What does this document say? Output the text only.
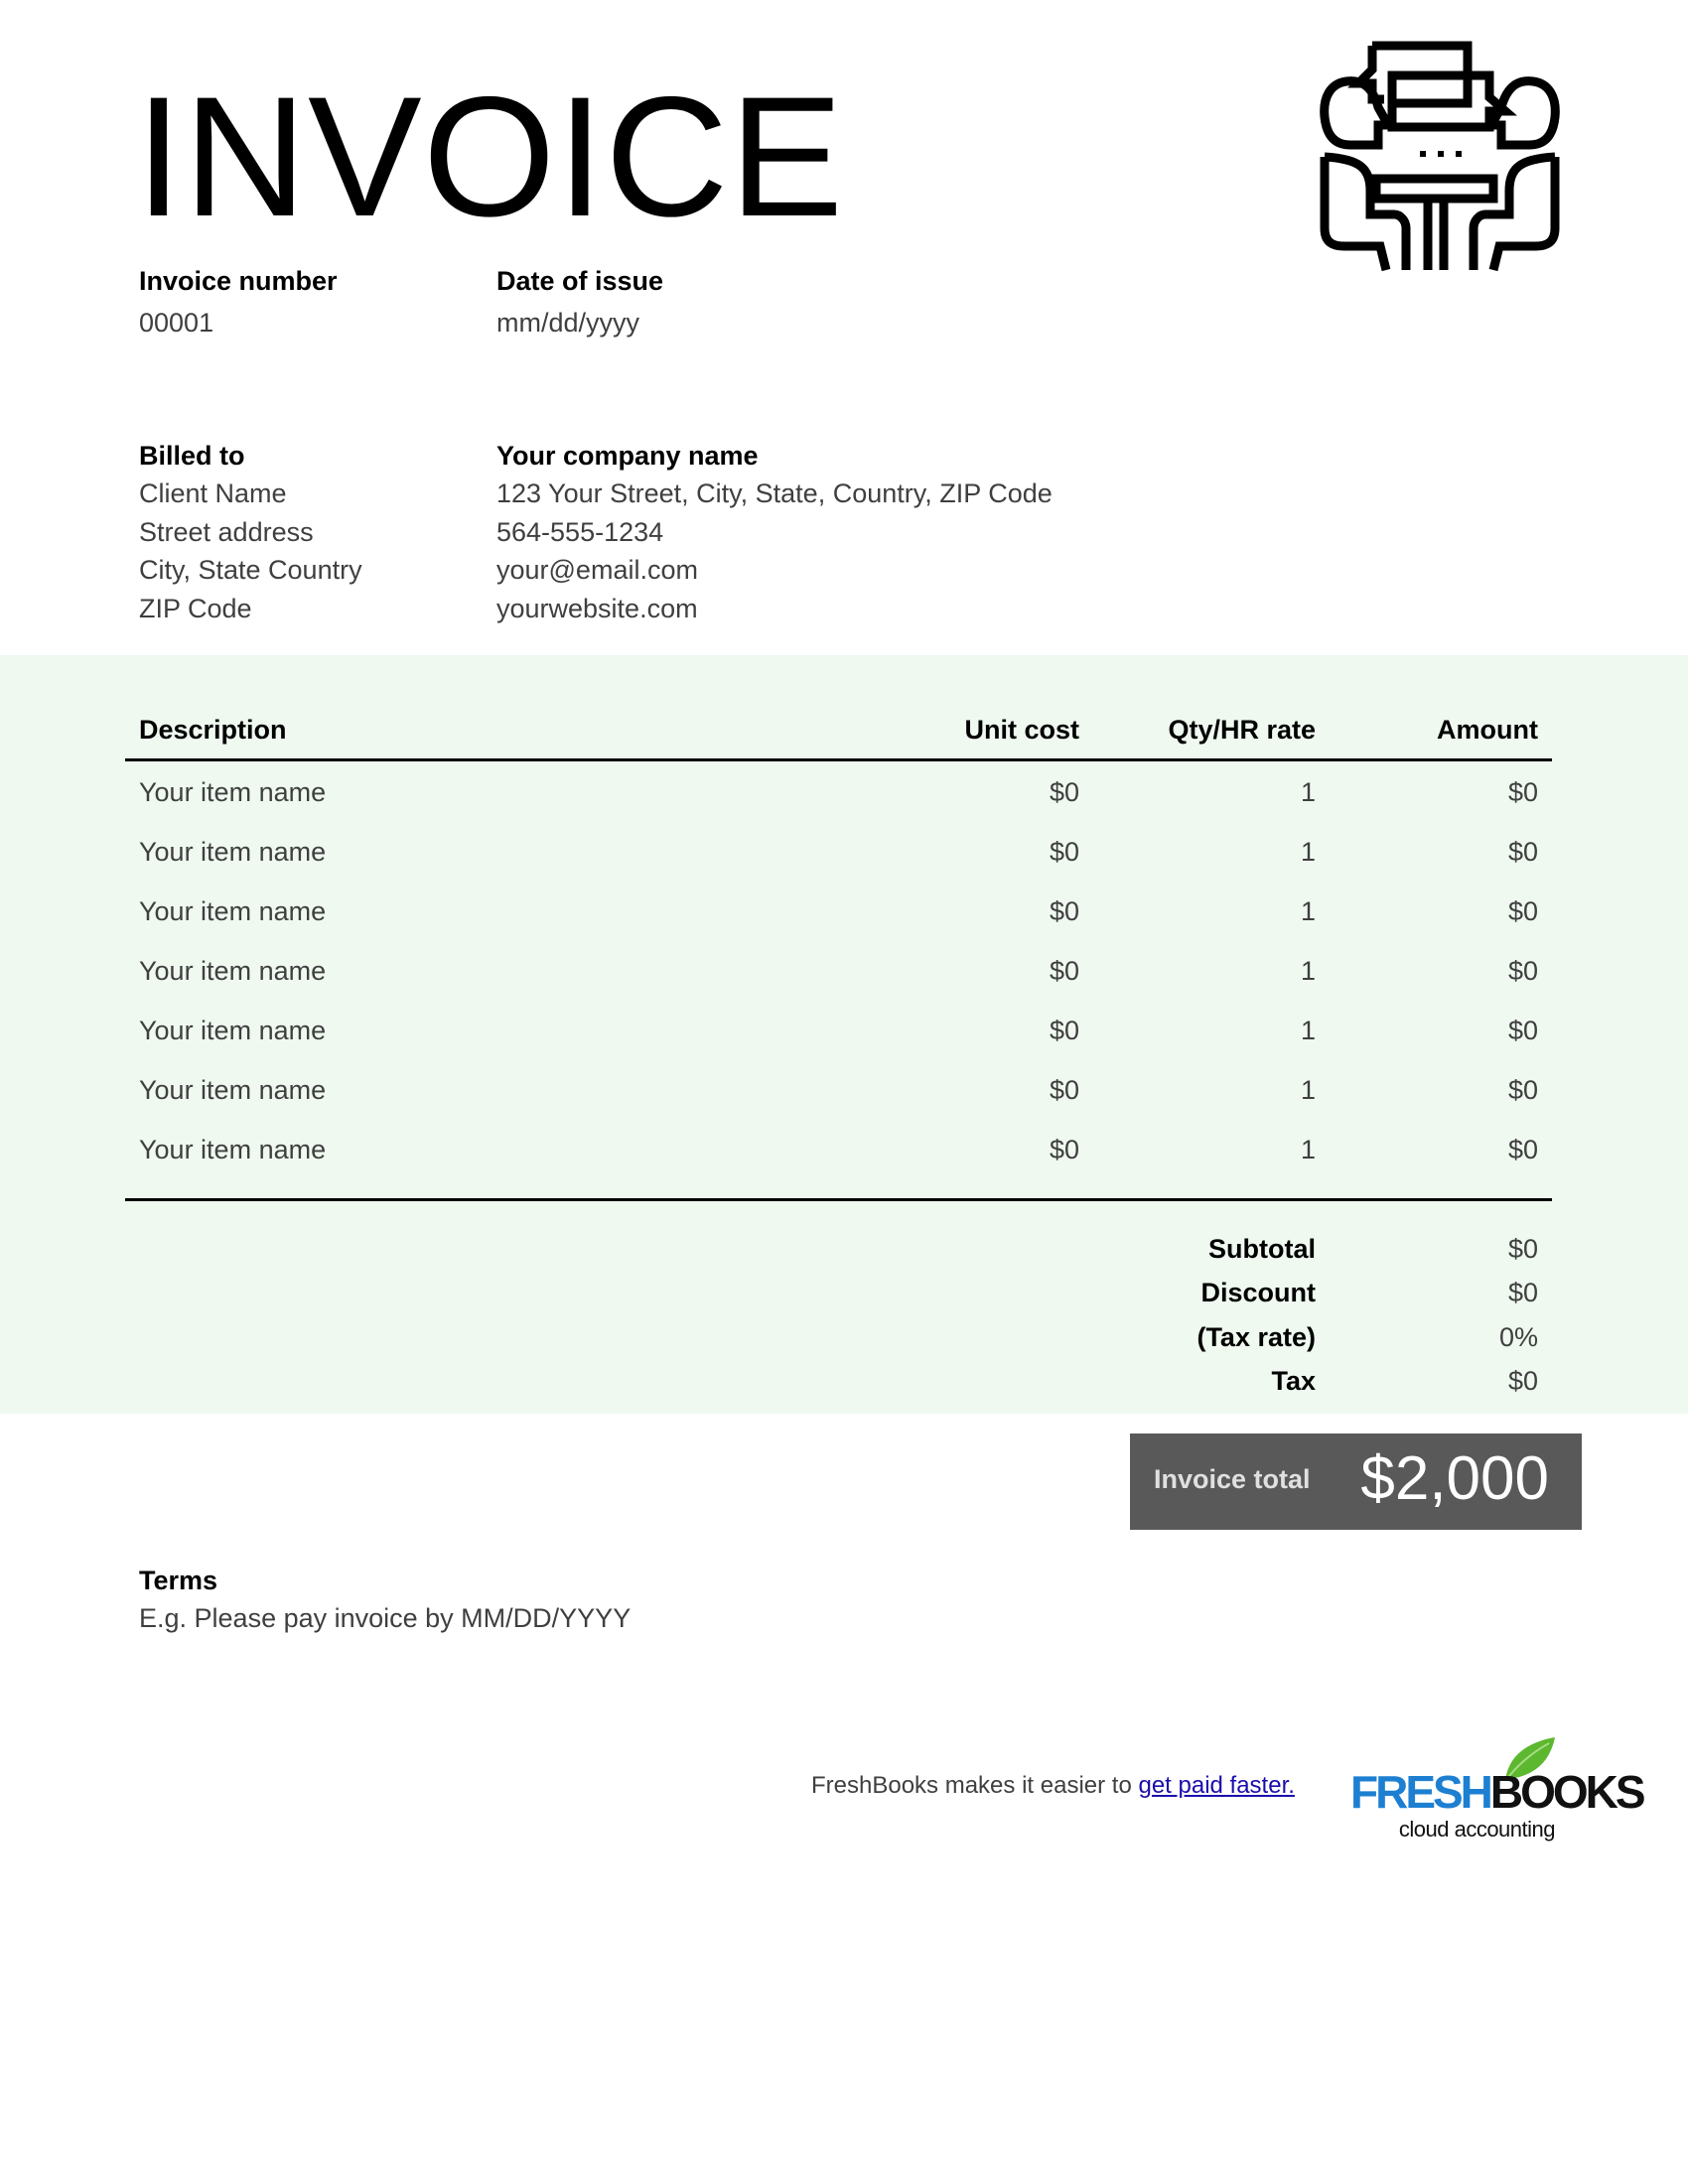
INVOICE
Invoice number
00001
Date of issue
mm/dd/yyyy
Billed to
Client Name
Street address
City, State Country
ZIP Code
Your company name
123 Your Street, City, State, Country, ZIP Code
564-555-1234
your@email.com
yourwebsite.com
Description	Unit cost	Qty/HR rate	Amount
Your item name	$0	1	$0
Your item name	$0	1	$0
Your item name	$0	1	$0
Your item name	$0	1	$0
Your item name	$0	1	$0
Your item name	$0	1	$0
Your item name	$0	1	$0
Subtotal	$0
Discount	$0
(Tax rate)	0%
Tax	$0
Invoice total $2,000
Terms
E.g. Please pay invoice by MM/DD/YYYY
FreshBooks makes it easier to get paid faster. FRESHBOOKS
cloud accounting
